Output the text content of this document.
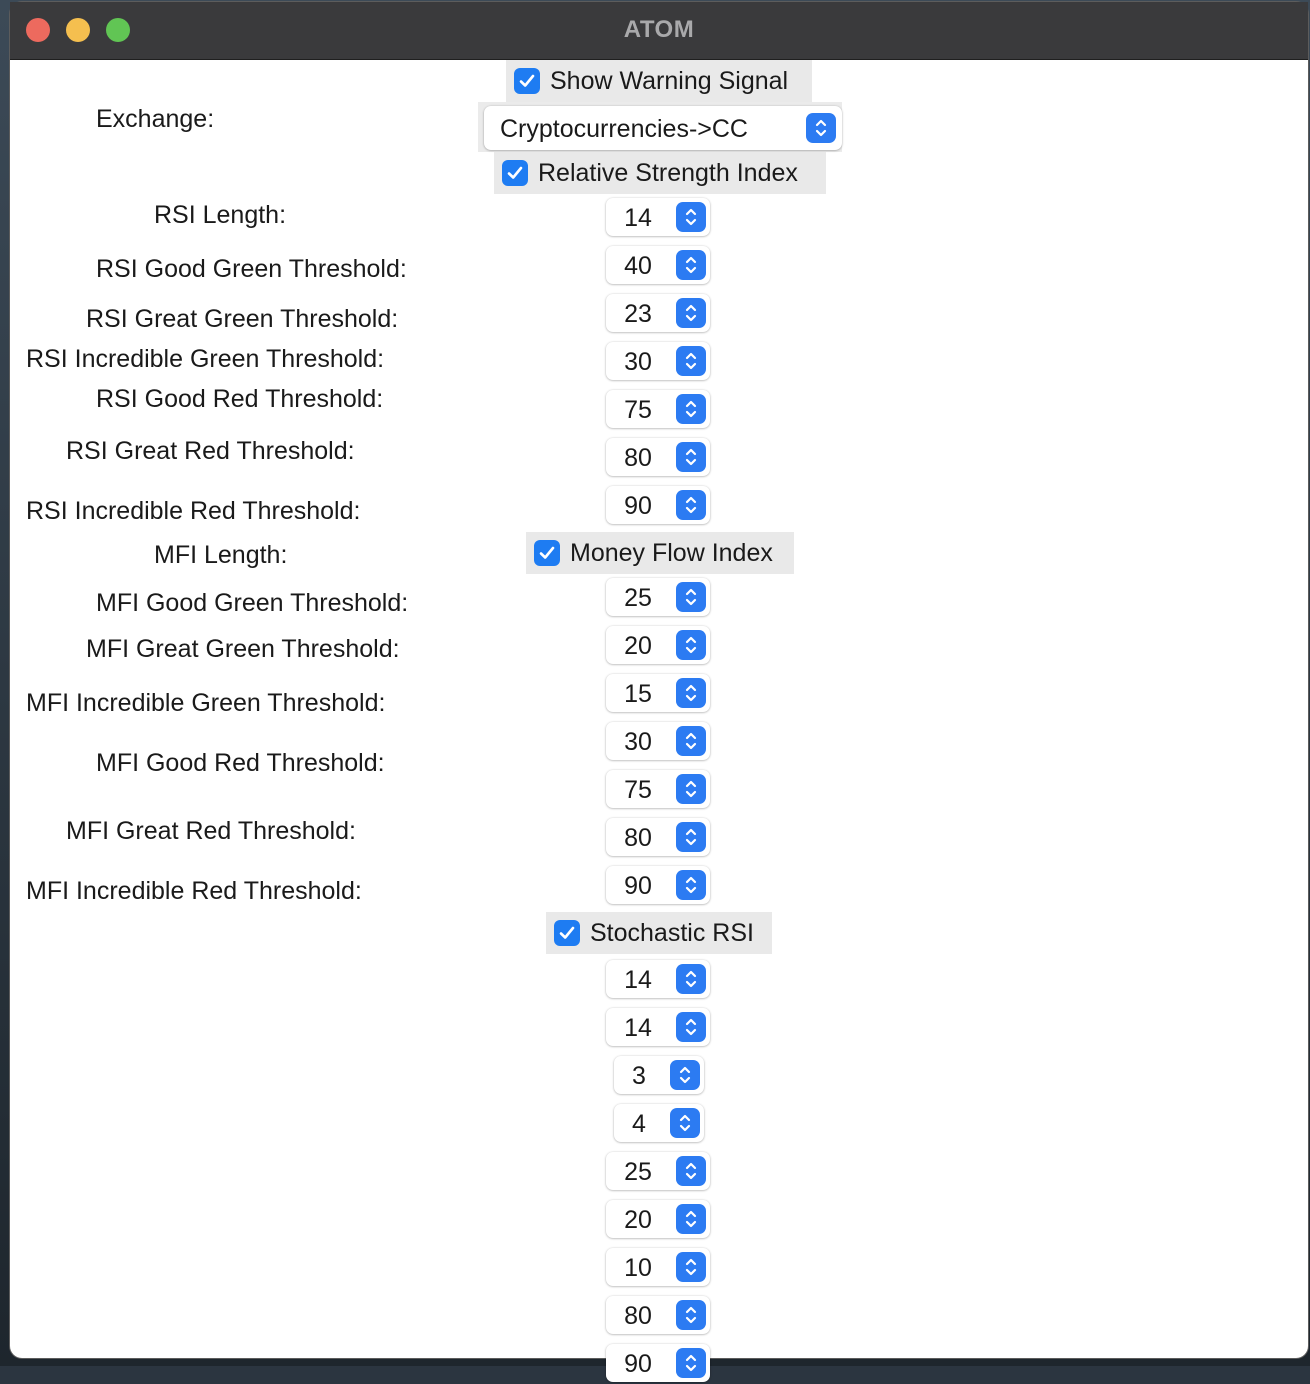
ATOM
Show Warning Signal
Exchange:	Cryptocurrencies->CC
Relative Strength Index
RSI Length:
RSI Good Green Threshold:
RSI Great Green Threshold:
RSI Incredible Green Threshold:
RSI Good Red Threshold:
RSI Great Red Threshold:
RSI Incredible Red Threshold:
MFI Length:	Money Flow Index
MFI Good Green Threshold:
MFI Great Green Threshold:
MFI Incredible Green Threshold:
MFI Good Red Threshold:
MFI Great Red Threshold:
MFI Incredible Red Threshold:
Stochastic RSI
14
40
23
30
75
80
90
25
20
15
30
75
80
90
14
14
3
4
25
20
10
80
90
